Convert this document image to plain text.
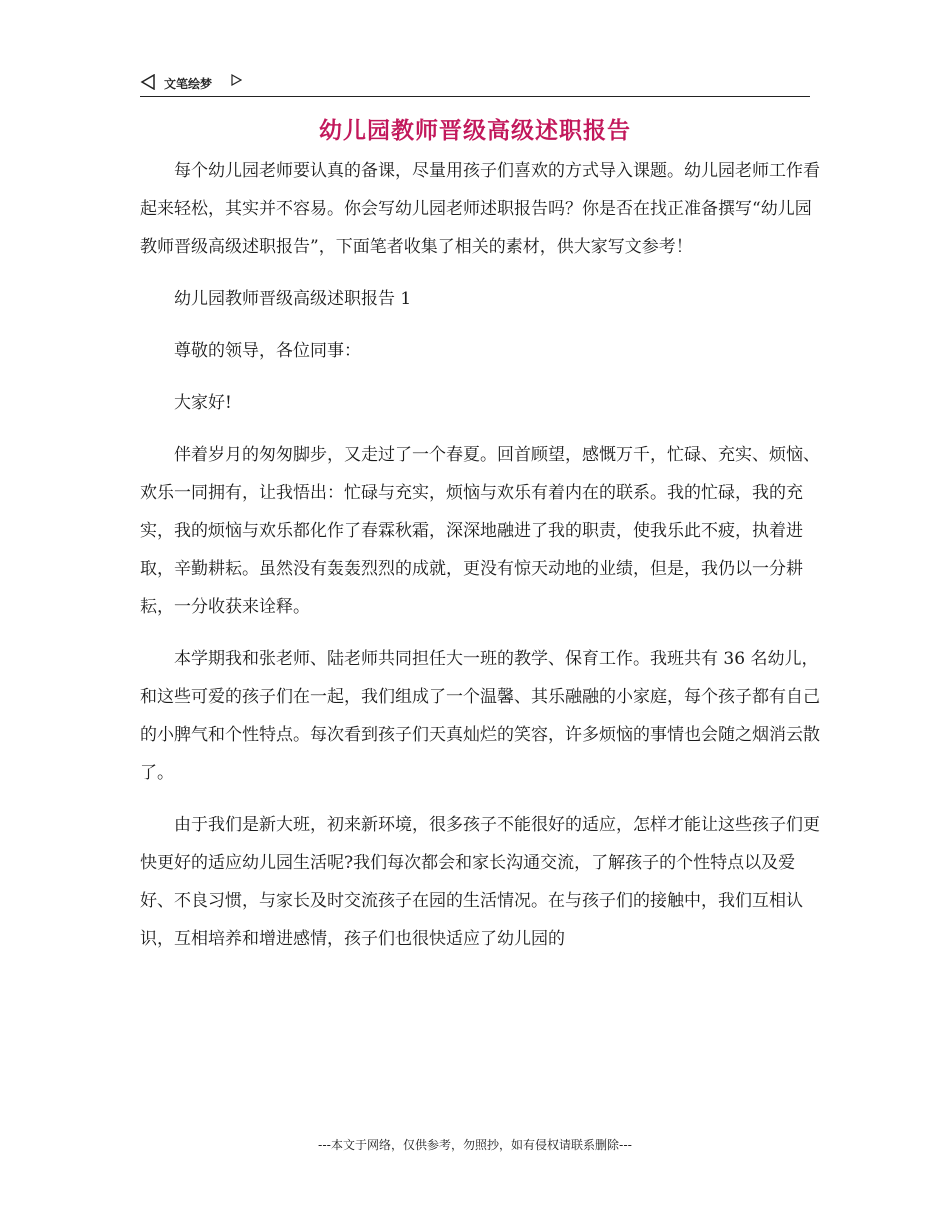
文笔绘梦
幼儿园教师晋级高级述职报告

每个幼儿园老师要认真的备课，尽量用孩子们喜欢的方式导入课题。幼儿园老师工作看起来轻松，其实并不容易。你会写幼儿园老师述职报告吗？你是否在找正准备撰写“幼儿园教师晋级高级述职报告”，下面笔者收集了相关的素材，供大家写文参考！

幼儿园教师晋级高级述职报告 1

尊敬的领导，各位同事：

大家好!

伴着岁月的匆匆脚步，又走过了一个春夏。回首顾望，感慨万千，忙碌、充实、烦恼、欢乐一同拥有，让我悟出：忙碌与充实，烦恼与欢乐有着内在的联系。我的忙碌，我的充实，我的烦恼与欢乐都化作了春霖秋霜，深深地融进了我的职责，使我乐此不疲，执着进取，辛勤耕耘。虽然没有轰轰烈烈的成就，更没有惊天动地的业绩，但是，我仍以一分耕耘，一分收获来诠释。

本学期我和张老师、陆老师共同担任大一班的教学、保育工作。我班共有 36 名幼儿，和这些可爱的孩子们在一起，我们组成了一个温馨、其乐融融的小家庭，每个孩子都有自己的小脾气和个性特点。每次看到孩子们天真灿烂的笑容，许多烦恼的事情也会随之烟消云散了。

由于我们是新大班，初来新环境，很多孩子不能很好的适应，怎样才能让这些孩子们更快更好的适应幼儿园生活呢?我们每次都会和家长沟通交流，了解孩子的个性特点以及爱好、不良习惯，与家长及时交流孩子在园的生活情况。在与孩子们的接触中，我们互相认识，互相培养和增进感情，孩子们也很快适应了幼儿园的

---本文于网络，仅供参考，勿照抄，如有侵权请联系删除---
